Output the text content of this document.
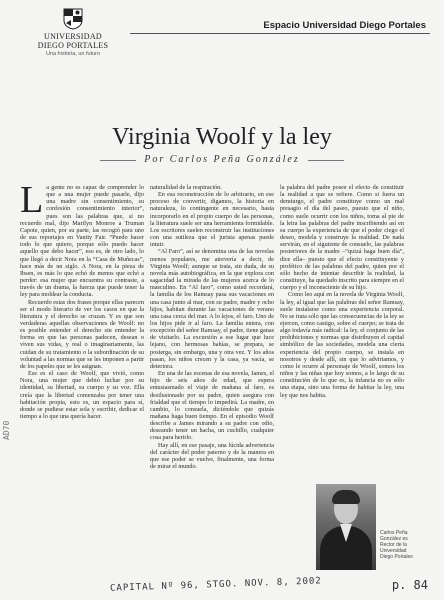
UNIVERSIDAD
DIEGO PORTALES
Una historia, un futuro
Espacio Universidad Diego Portales
Virginia Woolf y la ley
Por Carlos Peña González

La gente no es capaz de comprender lo que a una mujer puede pasarle, dijo una madre sin consentimiento, su confesión consentimiento interior”, pues son las palabras que, si no recuerdo mal, dijo Marilyn Monroe a Truman Capote, quien, por su parte, las recogió para uno de sus reportajes en Vanity Fair. “Puedo hacer todo lo que quiero, porque sólo puedo hacer aquello que debo hacer”, eso es, de otro lado, lo que llegó a decir Nora en la “Casa de Muñecas”, hace más de un siglo. A Nora, en la pieza de Ibsen, es más lo que echó de menos que echó a perder: esa mujer que encuentra su contraste, a través de un drama, la fuerza que puede tener la ley para moldear la conducta.

Recuerdo estas dos frases porque ellas parecen ser el modo literario de ver los casos en que la literatura y el derecho se cruzan. Y es que son verdaderas aquellas observaciones de Woolf: no es posible entender el derecho sin entender la forma en que las personas padecen, desean o viven sus vidas, y real o imaginariamente, las cuidan de su tratamiento o la subordinación de su voluntad a las normas que se les imponen a partir de los papeles que se les asignan.

Ese es el caso de Woolf, que vivió, como Nora, una mujer que debió luchar por su identidad, su libertad, su cuerpo y su voz. Ella creía que la libertad comenzaba por tener una habitación propia, esto es, un espacio para sí, donde se pudiese estar sola y escribir, dedicar el tiempo a lo que una quería hacer.

naturalidad de la respiración.

En esa reconstrucción de lo arbitrario, en ese proceso de convertir, digamos, la historia en naturaleza, lo contingente en necesario, hasta incorporarlo en el propio cuerpo de las personas, la literatura suele ser una herramienta formidable. Los escritores suelen reconstruir las instituciones con una sutileza que el jurista apenas puede intuir.

“Al Faro”, así se denomina una de las novelas menos populares, me atrevería a decir, de Virginia Woolf; aunque se trata, sin duda, de su novela más autobiográfica, en la que explora con sagacidad la mirada de las mujeres acerca de lo masculino. En “Al faro”, como usted recordará, la familia de los Ramsay pasa sus vacaciones en una casa junto al mar, con su padre, madre y ocho hijos, habitan durante las vacaciones de verano una casa cerca del mar. A lo lejos, el faro. Uno de los hijos pide ir al faro. La familia entera, con excepción del señor Ramsay, el padre, tiene ganas de visitarlo. La excursión a ese lugar que luce lejano, con hermosas bahías, se prepara, se posterga, sin embargo, una y otra vez. Y los años pasan, los niños crecen y la casa, ya vacía, se deteriora.

En una de las escenas de esa novela, James, el hijo de seis años de edad, que espera entusiasmado el viaje de mañana al faro, es desilusionado por su padre, quien asegura con frialdad que el tiempo lo impedirá. La madre, en cambio, lo consuela, diciéndole que quizás mañana haga buen tiempo. En el episodio Woolf describe a James mirando a su padre con odio, deseando tener un hacha, un cuchillo, cualquier cosa para herirlo.

Hay allí, en ese pasaje, una lúcida advertencia del carácter del poder paterno y de la manera en que ese poder se vuelve, finalmente, una forma de mirar el mundo.

la palabra del padre posee el efecto de constituir la realidad a que se refiere. Como si fuera un demiurgo, el padre constituye como un mal presagio el día del paseo, puesto que el niño, como suele ocurrir con los niños, toma al pie de la letra las palabras del padre inscribiendo así en su cuerpo la experiencia de que el poder ciego el deseo, modela y construye la realidad. De nada servirán, en el siguiente de consuelo, las palabras posteriores de la madre –“quizá haga buen día”, dice ella– puesto que el efecto constituyente y profético de las palabras del padre, quien por el sólo hecho de intentar describir la realidad, la constituye, ha quedado inscrito para siempre en el cuerpo y el inconsciente de su hijo.

Como leo aquí en la novela de Virginia Woolf, la ley, al igual que las palabras del señor Ramsay, suele instalarse como una experiencia corporal. No se trata sólo que las consecuencias de la ley se ejercen, como castigo, sobre el cuerpo; se trata de algo todavía más radical: la ley, el conjunto de las prohibiciones y normas que distribuyen el capital simbólico de las sociedades, modela una cierta experiencia del propio cuerpo, se instala en nosotros y desde allí, sin que lo advirtamos, y como le ocurre al personaje de Woolf, somos los niños y las niñas que hoy somos, a lo largo de su constitución de lo que es, la infancia no es sólo una etapa, sino una forma de habitar la ley, una ley que nos habita.

Carlos Peña González es Rector de la Universidad Diego Portales
AD70
CAPITAL Nº 96, STGO. NOV. 8, 2002	p. 84
